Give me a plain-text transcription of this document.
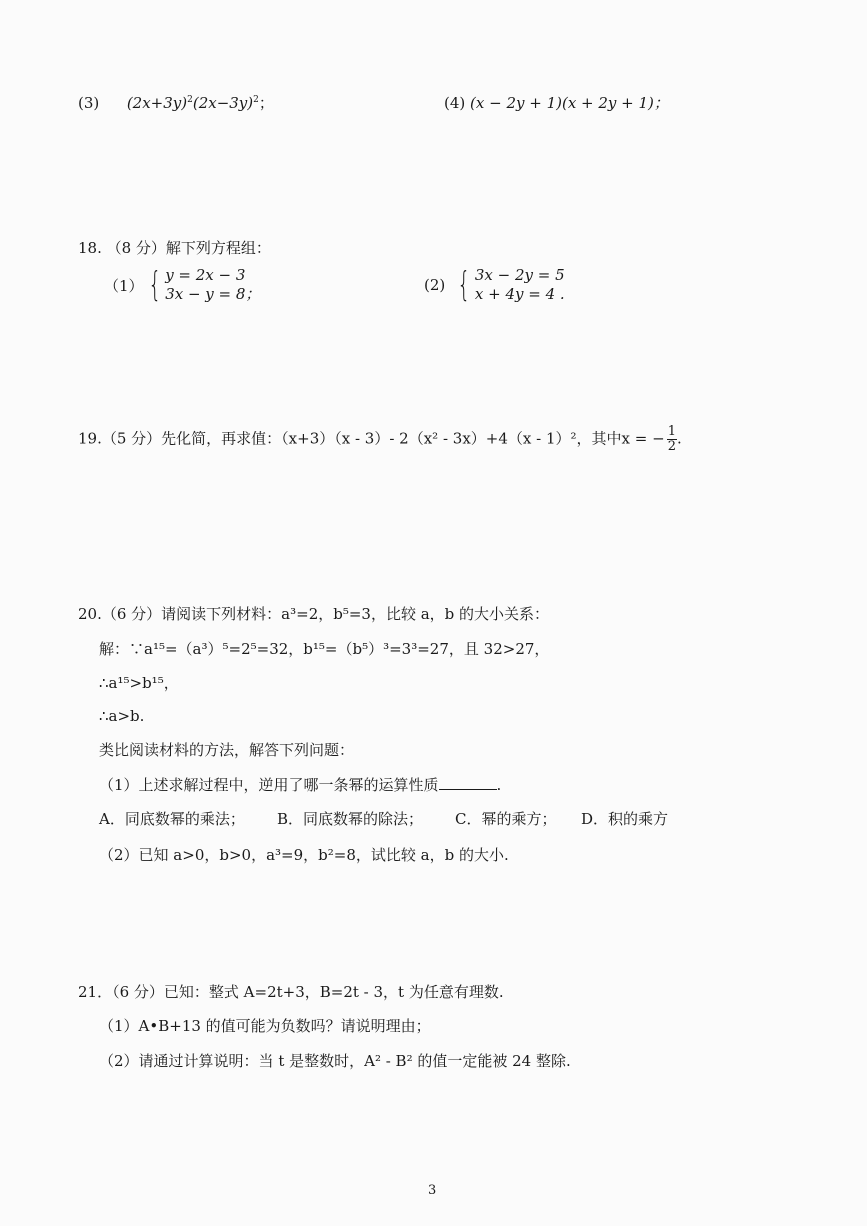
(3) $(2x+3y)^2(2x-3y)^2$；	(4) (x − 2y + 1)(x + 2y + 1)；
18. （8 分）解下列方程组：
（1） { y = 2x − 3
3x − y = 8；	(2) { 3x − 2y = 5
x + 4y = 4 .
19.（5 分）先化简，再求值：（x+3）（x - 3）- 2（x² - 3x）+4（x - 1）²，其中x = − $\frac{1}{2}$ .
20.（6 分）请阅读下列材料：a³=2，b⁵=3，比较 a，b 的大小关系：
解：∵a¹⁵=（a³）⁵=2⁵=32，b¹⁵=（b⁵）³=3³=27，且 32>27，
∴a¹⁵>b¹⁵，
∴a>b.
类比阅读材料的方法，解答下列问题：
（1）上述求解过程中，逆用了哪一条幂的运算性质	.
A．同底数幂的乘法； B．同底数幂的除法； C．幂的乘方； D．积的乘方
（2）已知 a>0，b>0，a³=9，b²=8，试比较 a，b 的大小.
21．（6 分）已知：整式 A=2t+3，B=2t - 3，t 为任意有理数.
（1）A•B+13 的值可能为负数吗？请说明理由；
（2）请通过计算说明：当 t 是整数时，A² - B² 的值一定能被 24 整除.
3
